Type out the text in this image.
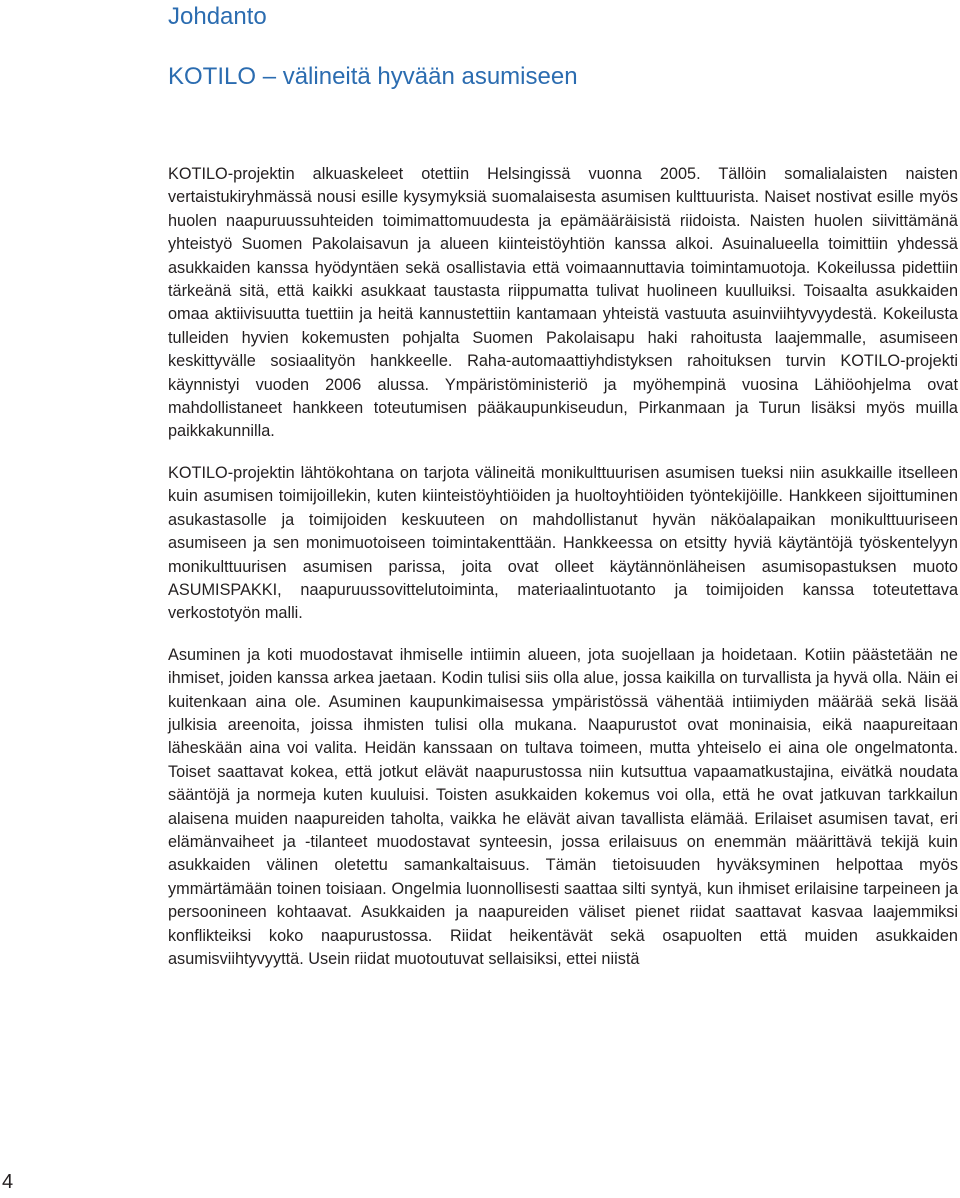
Johdanto
KOTILO – välineitä hyvään asumiseen

KOTILO-projektin alkuaskeleet otettiin Helsingissä vuonna 2005. Tällöin somalialaisten naisten vertaistukiryhmässä nousi esille kysymyksiä suomalaisesta asumisen kulttuurista. Naiset nostivat esille myös huolen naapuruussuhteiden toimimattomuudesta ja epämääräisistä riidoista. Naisten huolen siivittämänä yhteistyö Suomen Pakolaisavun ja alueen kiinteistöyhtiön kanssa alkoi. Asuinalueella toimittiin yhdessä asukkaiden kanssa hyödyntäen sekä osallistavia että voimaannuttavia toimintamuotoja. Kokeilussa pidettiin tärkeänä sitä, että kaikki asukkaat taustasta riippumatta tulivat huolineen kuulluiksi. Toisaalta asukkaiden omaa aktiivisuutta tuettiin ja heitä kannustettiin kantamaan yhteistä vastuuta asuinviihtyvyydestä. Kokeilusta tulleiden hyvien kokemusten pohjalta Suomen Pakolaisapu haki rahoitusta laajemmalle, asumiseen keskittyvälle sosiaalityön hankkeelle. Raha-automaattiyhdistyksen rahoituksen turvin KOTILO-projekti käynnistyi vuoden 2006 alussa. Ympäristöministeriö ja myöhempinä vuosina Lähiöohjelma ovat mahdollistaneet hankkeen toteutumisen pääkaupunkiseudun, Pirkanmaan ja Turun lisäksi myös muilla paikkakunnilla.

KOTILO-projektin lähtökohtana on tarjota välineitä monikulttuurisen asumisen tueksi niin asukkaille itselleen kuin asumisen toimijoillekin, kuten kiinteistöyhtiöiden ja huoltoyhtiöiden työntekijöille. Hankkeen sijoittuminen asukastasolle ja toimijoiden keskuuteen on mahdollistanut hyvän näköalapaikan monikulttuuriseen asumiseen ja sen monimuotoiseen toimintakenttään. Hankkeessa on etsitty hyviä käytäntöjä työskentelyyn monikulttuurisen asumisen parissa, joita ovat olleet käytännönläheisen asumisopastuksen muoto ASUMISPAKKI, naapuruussovittelutoiminta, materiaalintuotanto ja toimijoiden kanssa toteutettava verkostotyön malli.

Asuminen ja koti muodostavat ihmiselle intiimin alueen, jota suojellaan ja hoidetaan. Kotiin päästetään ne ihmiset, joiden kanssa arkea jaetaan. Kodin tulisi siis olla alue, jossa kaikilla on turvallista ja hyvä olla. Näin ei kuitenkaan aina ole. Asuminen kaupunkimaisessa ympäristössä vähentää intiimiyden määrää sekä lisää julkisia areenoita, joissa ihmisten tulisi olla mukana. Naapurustot ovat moninaisia, eikä naapureitaan läheskään aina voi valita. Heidän kanssaan on tultava toimeen, mutta yhteiselo ei aina ole ongelmatonta. Toiset saattavat kokea, että jotkut elävät naapurustossa niin kutsuttua vapaamatkustajina, eivätkä noudata sääntöjä ja normeja kuten kuuluisi. Toisten asukkaiden kokemus voi olla, että he ovat jatkuvan tarkkailun alaisena muiden naapureiden taholta, vaikka he elävät aivan tavallista elämää. Erilaiset asumisen tavat, eri elämänvaiheet ja -tilanteet muodostavat synteesin, jossa erilaisuus on enemmän määrittävä tekijä kuin asukkaiden välinen oletettu samankaltaisuus. Tämän tietoisuuden hyväksyminen helpottaa myös ymmärtämään toinen toisiaan. Ongelmia luonnollisesti saattaa silti syntyä, kun ihmiset erilaisine tarpeineen ja persoonineen kohtaavat. Asukkaiden ja naapureiden väliset pienet riidat saattavat kasvaa laajemmiksi konflikteiksi koko naapurustossa. Riidat heikentävät sekä osapuolten että muiden asukkaiden asumisviihtyvyyttä. Usein riidat muotoutuvat sellaisiksi, ettei niistä

4
